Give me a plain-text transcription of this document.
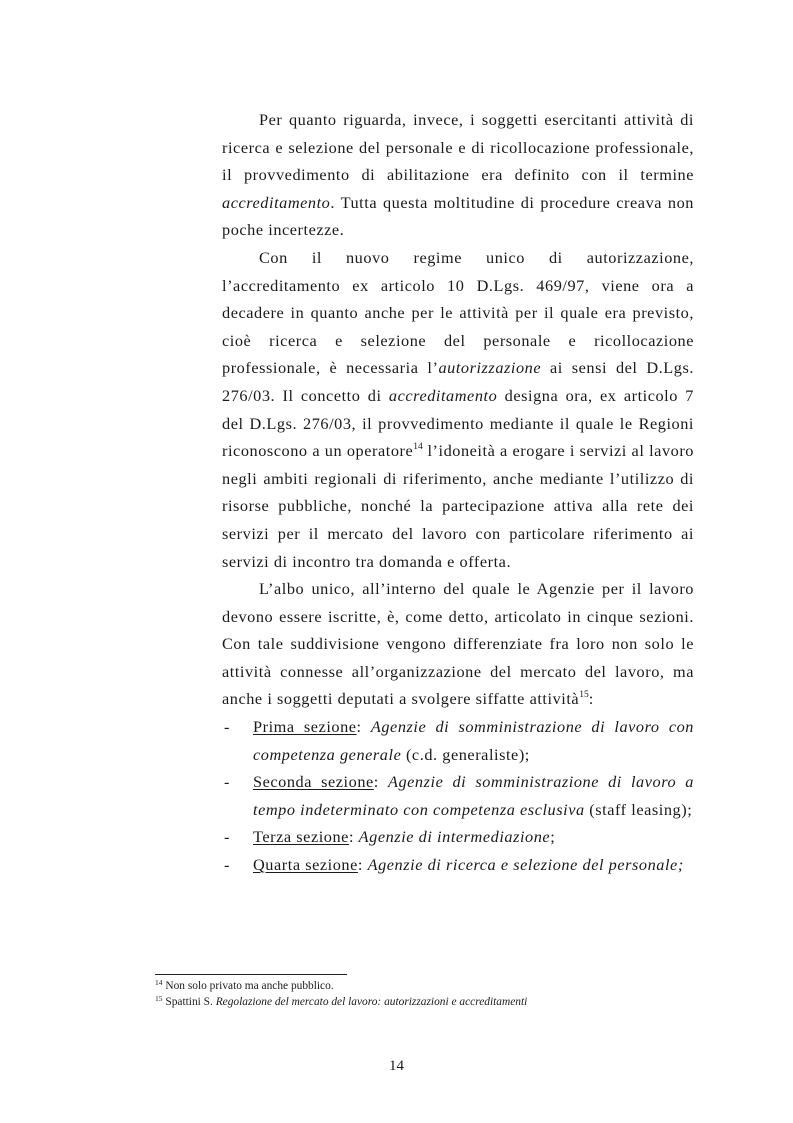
Per quanto riguarda, invece, i soggetti esercitanti attività di ricerca e selezione del personale e di ricollocazione professionale, il provvedimento di abilitazione era definito con il termine accreditamento. Tutta questa moltitudine di procedure creava non poche incertezze.

Con il nuovo regime unico di autorizzazione, l’accreditamento ex articolo 10 D.Lgs. 469/97, viene ora a decadere in quanto anche per le attività per il quale era previsto, cioè ricerca e selezione del personale e ricollocazione professionale, è necessaria l’autorizzazione ai sensi del D.Lgs. 276/03. Il concetto di accreditamento designa ora, ex articolo 7 del D.Lgs. 276/03, il provvedimento mediante il quale le Regioni riconoscono a un operatore$^{14}$ l’idoneità a erogare i servizi al lavoro negli ambiti regionali di riferimento, anche mediante l’utilizzo di risorse pubbliche, nonché la partecipazione attiva alla rete dei servizi per il mercato del lavoro con particolare riferimento ai servizi di incontro tra domanda e offerta.

L’albo unico, all’interno del quale le Agenzie per il lavoro devono essere iscritte, è, come detto, articolato in cinque sezioni. Con tale suddivisione vengono differenziate fra loro non solo le attività connesse all’organizzazione del mercato del lavoro, ma anche i soggetti deputati a svolgere siffatte attività$^{15}$:

- Prima sezione: Agenzie di somministrazione di lavoro con competenza generale (c.d. generaliste);
- Seconda sezione: Agenzie di somministrazione di lavoro a tempo indeterminato con competenza esclusiva (staff leasing);
- Terza sezione: Agenzie di intermediazione;
- Quarta sezione: Agenzie di ricerca e selezione del personale;
$^{14}$ Non solo privato ma anche pubblico.
$^{15}$ Spattini S. Regolazione del mercato del lavoro: autorizzazioni e accreditamenti
14
